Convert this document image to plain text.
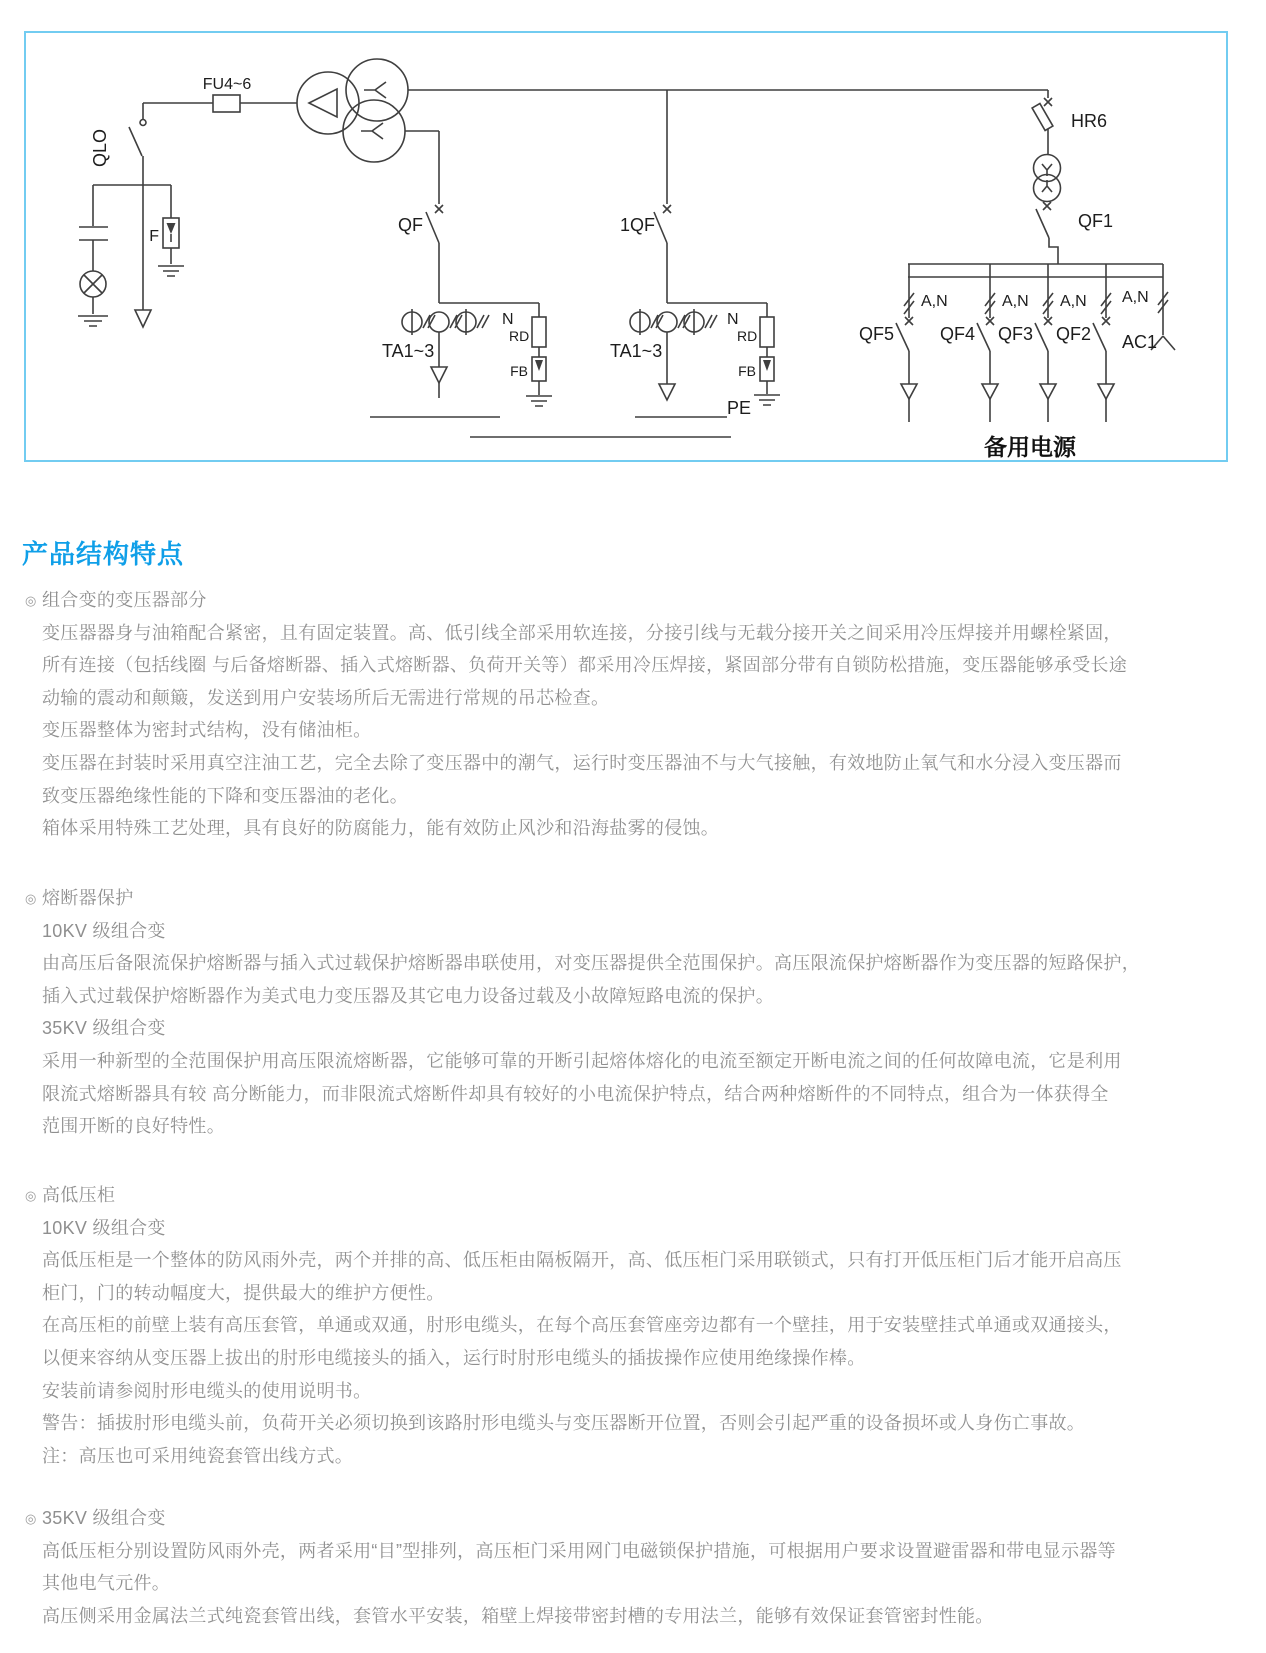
F
QLO
FU4~6
QF
TA1~3
N
RD
FB
1QF
TA1~3
N
RD
FB
PE
HR6
QF1
QF5
A,N
QF4
A,N
QF3
A,N
QF2
A,N
AC1
备用电源
产品结构特点
◎ 组合变的变压器部分
变压器器身与油箱配合紧密，且有固定装置。高、低引线全部采用软连接，分接引线与无载分接开关之间采用冷压焊接并用螺栓紧固，
所有连接（包括线圈 与后备熔断器、插入式熔断器、负荷开关等）都采用冷压焊接，紧固部分带有自锁防松措施，变压器能够承受长途
动输的震动和颠簸，发送到用户安装场所后无需进行常规的吊芯检查。
变压器整体为密封式结构，没有储油柜。
变压器在封装时采用真空注油工艺，完全去除了变压器中的潮气，运行时变压器油不与大气接触，有效地防止氧气和水分浸入变压器而
致变压器绝缘性能的下降和变压器油的老化。
箱体采用特殊工艺处理，具有良好的防腐能力，能有效防止风沙和沿海盐雾的侵蚀。
◎ 熔断器保护
10KV 级组合变
由高压后备限流保护熔断器与插入式过载保护熔断器串联使用，对变压器提供全范围保护。高压限流保护熔断器作为变压器的短路保护，
插入式过载保护熔断器作为美式电力变压器及其它电力设备过载及小故障短路电流的保护。
35KV 级组合变
采用一种新型的全范围保护用高压限流熔断器，它能够可靠的开断引起熔体熔化的电流至额定开断电流之间的任何故障电流，它是利用
限流式熔断器具有较 高分断能力，而非限流式熔断件却具有较好的小电流保护特点，结合两种熔断件的不同特点，组合为一体获得全
范围开断的良好特性。
◎ 高低压柜
10KV 级组合变
高低压柜是一个整体的防风雨外壳，两个并排的高、低压柜由隔板隔开，高、低压柜门采用联锁式，只有打开低压柜门后才能开启高压
柜门，门的转动幅度大，提供最大的维护方便性。
在高压柜的前壁上装有高压套管，单通或双通，肘形电缆头，在每个高压套管座旁边都有一个壁挂，用于安装壁挂式单通或双通接头，
以便来容纳从变压器上拔出的肘形电缆接头的插入，运行时肘形电缆头的插拔操作应使用绝缘操作棒。
安装前请参阅肘形电缆头的使用说明书。
警告：插拔肘形电缆头前，负荷开关必须切换到该路肘形电缆头与变压器断开位置，否则会引起严重的设备损坏或人身伤亡事故。
注：高压也可采用纯瓷套管出线方式。
◎ 35KV 级组合变
高低压柜分别设置防风雨外壳，两者采用“目”型排列，高压柜门采用网门电磁锁保护措施，可根据用户要求设置避雷器和带电显示器等
其他电气元件。
高压侧采用金属法兰式纯瓷套管出线，套管水平安装，箱壁上焊接带密封槽的专用法兰，能够有效保证套管密封性能。
